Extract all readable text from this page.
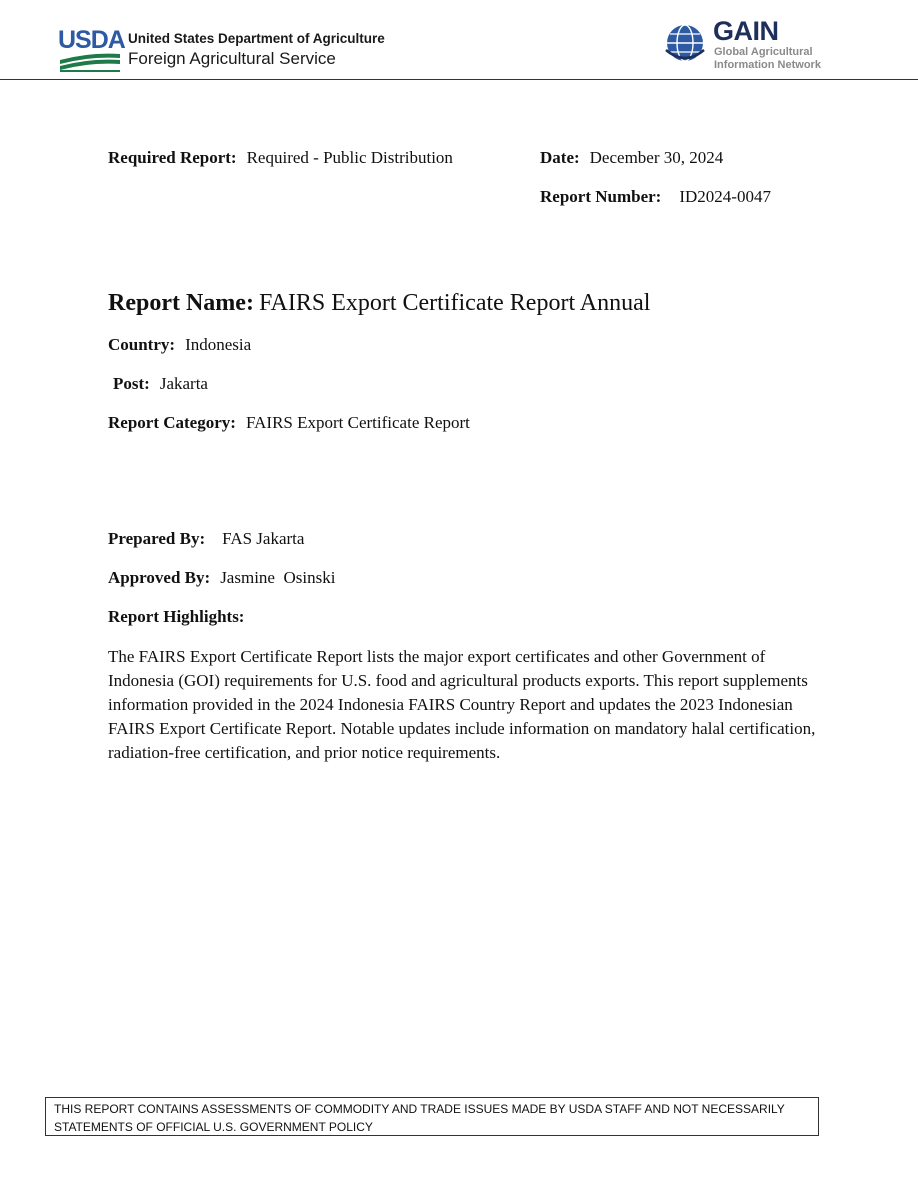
USDA United States Department of Agriculture
Foreign Agricultural Service
GAIN
Global Agricultural
Information Network
Required Report: Required - Public Distribution	Date: December 30, 2024
Report Number: ID2024-0047
Report Name: FAIRS Export Certificate Report Annual
Country: Indonesia
Post: Jakarta
Report Category: FAIRS Export Certificate Report
Prepared By: FAS Jakarta
Approved By: Jasmine  Osinski
Report Highlights:
The FAIRS Export Certificate Report lists the major export certificates and other Government of Indonesia (GOI) requirements for U.S. food and agricultural products exports. This report supplements information provided in the 2024 Indonesia FAIRS Country Report and updates the 2023 Indonesian FAIRS Export Certificate Report. Notable updates include information on mandatory halal certification, radiation-free certification, and prior notice requirements.
THIS REPORT CONTAINS ASSESSMENTS OF COMMODITY AND TRADE ISSUES MADE BY USDA STAFF AND NOT NECESSARILY
STATEMENTS OF OFFICIAL U.S. GOVERNMENT POLICY
